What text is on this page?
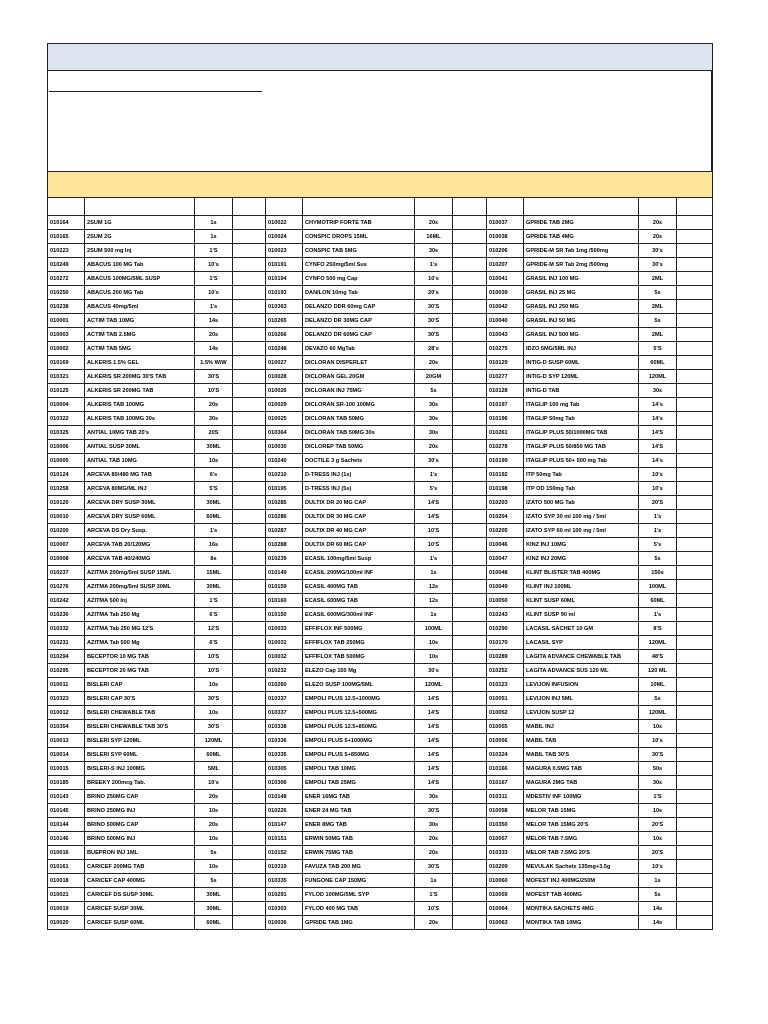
010164	2SUM 1G	1s		010022	CHYMOTRIP FORTE TAB	20s		010037	GPRIDE TAB 2MG	20s	
010165	2SUM 2G	1s		010024	CONSPIC DROPS 15ML	16ML		010038	GPRIDE TAB 4MG	20s	
010223	2SUM 500 mg Inj	1'S		010023	CONSPIC TAB 5MG	30s		010206	GPRIDE-M SR Tab 1mg /500mg	30's	
010249	ABACUS 100 MG Tab	10's		010191	CYNFO 250mg/5ml Sus	1's		010207	GPRIDE-M SR Tab 2mg /500mg	30's	
010272	ABACUS 100MG/5ML SUSP	1'S		010194	CYNFO 500 mg Cap	10's		010041	GRASIL INJ 100 MG	2ML	
010250	ABACUS 200 MG Tab	10's		010193	DANILON 10mg Tab	20's		010039	GRASIL INJ 25 MG	5s	
010238	ABACUS 40mg/5ml	1's		010363	DELANZO DDR 60mg CAP	30'S		010042	GRASIL INJ 250 MG	2ML	
010001	ACTIM TAB 10MG	14s		010265	DELANZO DR 30MG CAP	30'S		010040	GRASIL INJ 50 MG	5s	
010003	ACTIM TAB 2.5MG	20s		010266	DELANZO DR 60MG CAP	30'S		010043	GRASIL INJ 500 MG	2ML	
010002	ACTIM TAB 5MG	14s		010248	DEVAZO 60 MgTab	28's		010275	IDZO 5MG/5ML INJ	5'S	
010169	ALKERIS 1.5% GEL	1.5% W/W		010027	DICLORAN DISPERLET	20s		010129	INTIG-D SUSP 60ML	60ML	
010321	ALKERIS SR 200MG 30'S TAB	30'S		010028	DICLORAN GEL 20GM	20GM		010277	INTIG-D SYP 120ML	120ML	
010125	ALKERIS SR 200MG TAB	10'S		010026	DICLORAN INJ 75MG	5s		010128	INTIG-D TAB	30s	
010004	ALKERIS TAB 100MG	20s		010029	DICLORAN SR-100 100MG	30s		010197	ITAGLIP 100 mg Tab	14's	
010322	ALKERIS TAB 100MG 30s	30s		010025	DICLORAN TAB 50MG	30s		010196	ITAGLIP 50mg Tab	14's	
010325	ANTIAL 10MG TAB 20's	20S		010364	DICLORAN TAB 50MG 30s	30s		010261	ITAGLIP PLUS 50/1000MG TAB	14'S	
010006	ANTIAL SUSP 30ML	30ML		010030	DICLOREP TAB 50MG	20s		010278	ITAGLIP PLUS 50/850 MG TAB	14'S	
010005	ANTIAL TAB 10MG	10s		010240	DOCTILE 3 g Sachets	30's		010199	ITAGLIP PLUS 50+ 500 mg Tab	14's	
010124	ARCEVA 80/480 MG TAB	6's		010210	D-TRESS INJ (1s)	1's		010192	ITP 50mg Tab	10's	
010258	ARCEVA 80MG/ML INJ	5'S		010195	D-TRESS INJ (5s)	5's		010198	ITP OD 150mg Tab	10's	
010120	ARCEVA DRY SUSP 30ML	30ML		010285	DULTIX DR 20 MG CAP	14'S		010203	IZATO 500 MG Tab	20'S	
010010	ARCEVA DRY SUSP 60ML	60ML		010286	DULTIX DR 30 MG CAP	14'S		010204	IZATO SYP 30 ml 100 mg / 5ml	1's	
010200	ARCEVA DS Dry Susp.	1's		010287	DULTIX DR 40 MG CAP	10'S		010205	IZATO SYP 60 ml 100 mg / 5ml	1's	
010007	ARCEVA TAB 20/120MG	16s		010288	DULTIX DR 60 MG CAP	10'S		010046	KINZ INJ 10MG	5's	
010008	ARCEVA TAB 40/240MG	8s		010239	ECASIL 100mg/5ml Susp	1's		010047	KINZ INJ 20MG	5s	
010237	AZITMA 200mg/5ml SUSP 15ML	15ML		010149	ECASIL 200MG/100ml INF	1s		010048	KLINT BLISTER TAB 400MG	150s	
010276	AZITMA 200mg/5ml SUSP 30ML	30ML		010159	ECASIL 400MG TAB	12s		010049	KLINT INJ 100ML	100ML	
010242	AZITMA 500 Inj	1'S		010160	ECASIL 600MG TAB	12s		010050	KLINT SUSP 60ML	60ML	
010230	AZITMA Tab 250 Mg	6'S		010150	ECASIL 600MG/300ml INF	1s		010243	KLINT SUSP 90 ml	1's	
010332	AZITMA Tab 250 MG 12'S	12'S		010033	EFFIFLOX INF 500MG	100ML		010290	LACASIL SACHET 10 GM	8'S	
010231	AZITMA Tab 500 Mg	6'S		010031	EFFIFLOX TAB 250MG	10s		010170	LACASIL SYP	120ML	
010294	BECEPTOR 10 MG TAB	10'S		010032	EFFIFLOX TAB 500MG	10s		010289	LAGITA ADVANCE CHEWABLE TAB	48'S	
010295	BECEPTOR 20 MG TAB	10'S		010232	ELEZO Cap 150 Mg	30's		010252	LAGITA ADVANCE SUS 120 ML	120 ML	
010011	BISLERI CAP	10s		010260	ELEZO SUSP 100MG/5ML	120ML		010123	LEVIJON INFUSION	10ML	
010323	BISLERI CAP 30'S	30'S		010337	EMPOLI PLUS 12.5+1000MG	14'S		010051	LEVIJON INJ 5ML	5s	
010012	BISLERI CHEWABLE TAB	10s		010337	EMPOLI PLUS 12.5+500MG	14'S		010052	LEVIJON SUSP 12	120ML	
010354	BISLERI CHEWABLE TAB 30'S	30'S		010338	EMPOLI PLUS 12.5+850MG	14'S		010055	MABIL INJ	10s	
010013	BISLERI SYP 120ML	120ML		010336	EMPOLI PLUS 5+1000MG	14'S		010056	MABIL TAB	10's	
010014	BISLERI SYP 60ML	60ML		010335	EMPOLI PLUS 5+850MG	14'S		010324	MABIL TAB 30'S	30'S	
010015	BISLERI-S INJ 100MG	5ML		010305	EMPOLI TAB 10MG	14'S		010166	MAGURA 0.5MG TAB	50s	
010185	BREEKY 200mcg Tab.	10's		010306	EMPOLI TAB 25MG	14'S		010167	MAGURA 2MG TAB	30s	
010143	BRINO 250MG CAP	20s		010148	ENER 16MG TAB	30s		010311	MDESTIV INF 100MG	1'S	
010145	BRINO 250MG INJ	10s		010226	ENER 24 MG TAB	30'S		010058	MELOR TAB 15MG	10s	
010144	BRINO 500MG CAP	20s		010147	ENER 8MG TAB	30s		010350	MELOR TAB 15MG 20'S	20'S	
010146	BRINO 500MG INJ	10s		010151	ERWIN 50MG TAB	20s		010057	MELOR TAB 7.5MG	10s	
010016	BUEPRON INJ 1ML	5s		010152	ERWIN 75MG TAB	20s		010333	MELOR TAB 7.5MG 20'S	20'S	
010161	CARICEF 200MG TAB	10s		010319	FAVUZA TAB 200 MG	30'S		010209	MEVULAK Sachets 135mg+3.5g	10's	
010018	CARICEF CAP 400MG	5s		010335	FUNGONE CAP 150MG	1s		010060	MOFEST INJ 400MG/250M	1s	
010021	CARICEF DS SUSP 30ML	30ML		010291	FYLOD 100MG/5ML SYP	1'S		010059	MOFEST TAB 400MG	5s	
010019	CARICEF SUSP 30ML	30ML		010303	FYLOD 400 MG TAB	10'S		010064	MONTIKA SACHETS 4MG	14s	
010020	CARICEF SUSP 60ML	60ML		010036	GPRIDE TAB 1MG	20s		010063	MONTIKA TAB 10MG	14s	
